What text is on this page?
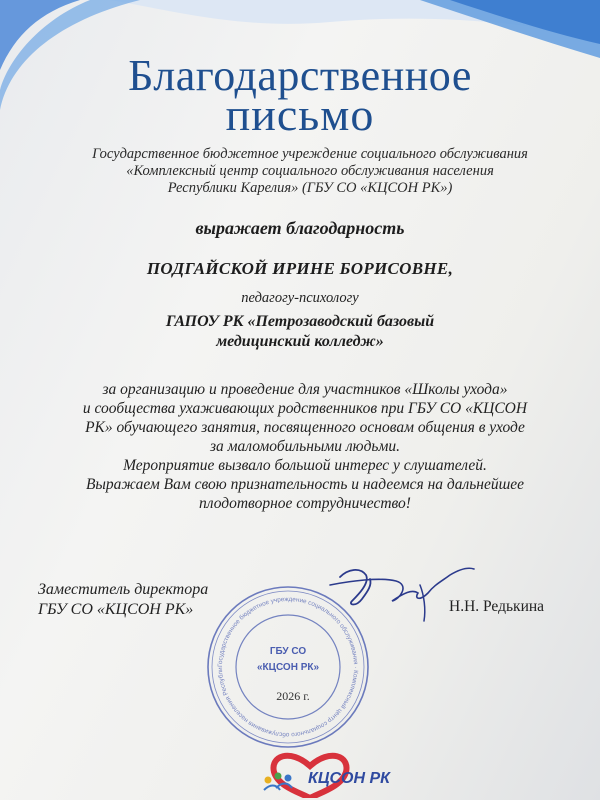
Благодарственное
письмо
Государственное бюджетное учреждение социального обслуживания
«Комплексный центр социального обслуживания населения
Республики Карелия» (ГБУ СО «КЦСОН РК»)
выражает благодарность
ПОДГАЙСКОЙ ИРИНЕ БОРИСОВНЕ,
педагогу-психологу
ГАПОУ РК «Петрозаводский базовый
медицинский колледж»
за организацию и проведение для участников «Школы ухода»
и сообщества ухаживающих родственников при ГБУ СО «КЦСОН
РК» обучающего занятия, посвященного основам общения в уходе
за маломобильными людьми.
Мероприятие вызвало большой интерес у слушателей.
Выражаем Вам свою признательность и надеемся на дальнейшее
плодотворное сотрудничество!
Заместитель директора
ГБУ СО «КЦСОН РК»
Государственное бюджетное учреждение социального обслуживания · Комплексный центр социального обслуживания населения Республи
ГБУ СО
«КЦСОН РК»
2026 г.
Н.Н. Редькина
КЦСОН РК
